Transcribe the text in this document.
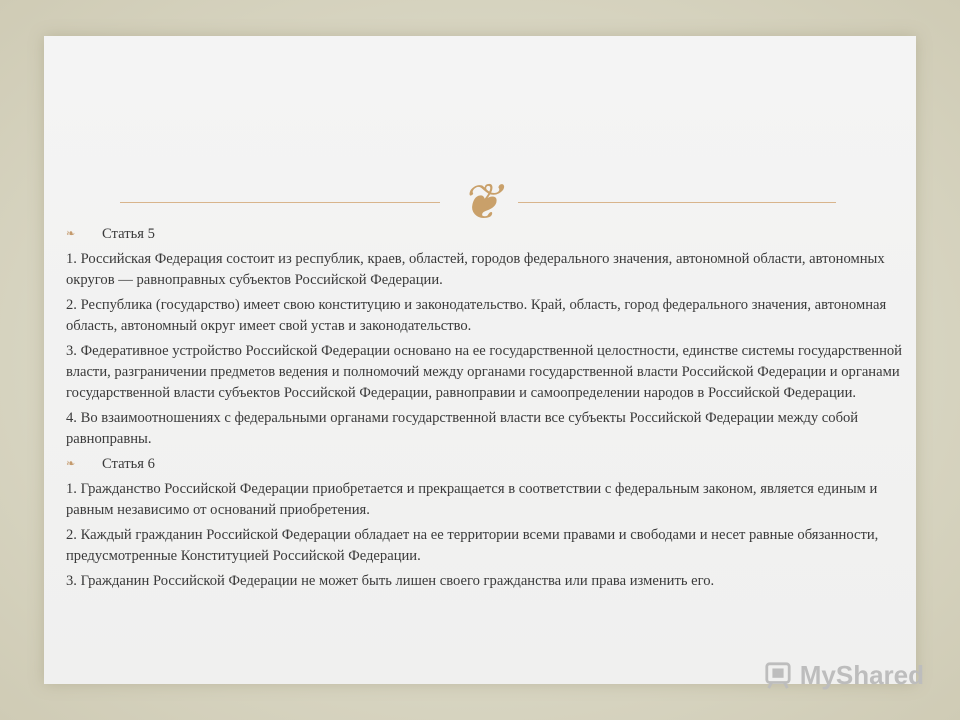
❦
❧	Статья 5

1. Российская Федерация состоит из республик, краев, областей, городов федерального значения, автономной области, автономных округов — равноправных субъектов Российской Федерации.

2. Республика (государство) имеет свою конституцию и законодательство. Край, область, город федерального значения, автономная область, автономный округ имеет свой устав и законодательство.

3. Федеративное устройство Российской Федерации основано на ее государственной целостности, единстве системы государственной власти, разграничении предметов ведения и полномочий между органами государственной власти Российской Федерации и органами государственной власти субъектов Российской Федерации, равноправии и самоопределении народов в Российской Федерации.

4. Во взаимоотношениях с федеральными органами государственной власти все субъекты Российской Федерации между собой равноправны.

❧	Статья 6

1. Гражданство Российской Федерации приобретается и прекращается в соответствии с федеральным законом, является единым и равным независимо от оснований приобретения.

2. Каждый гражданин Российской Федерации обладает на ее территории всеми правами и свободами и несет равные обязанности, предусмотренные Конституцией Российской Федерации.

3. Гражданин Российской Федерации не может быть лишен своего гражданства или права изменить его.

MyShared
